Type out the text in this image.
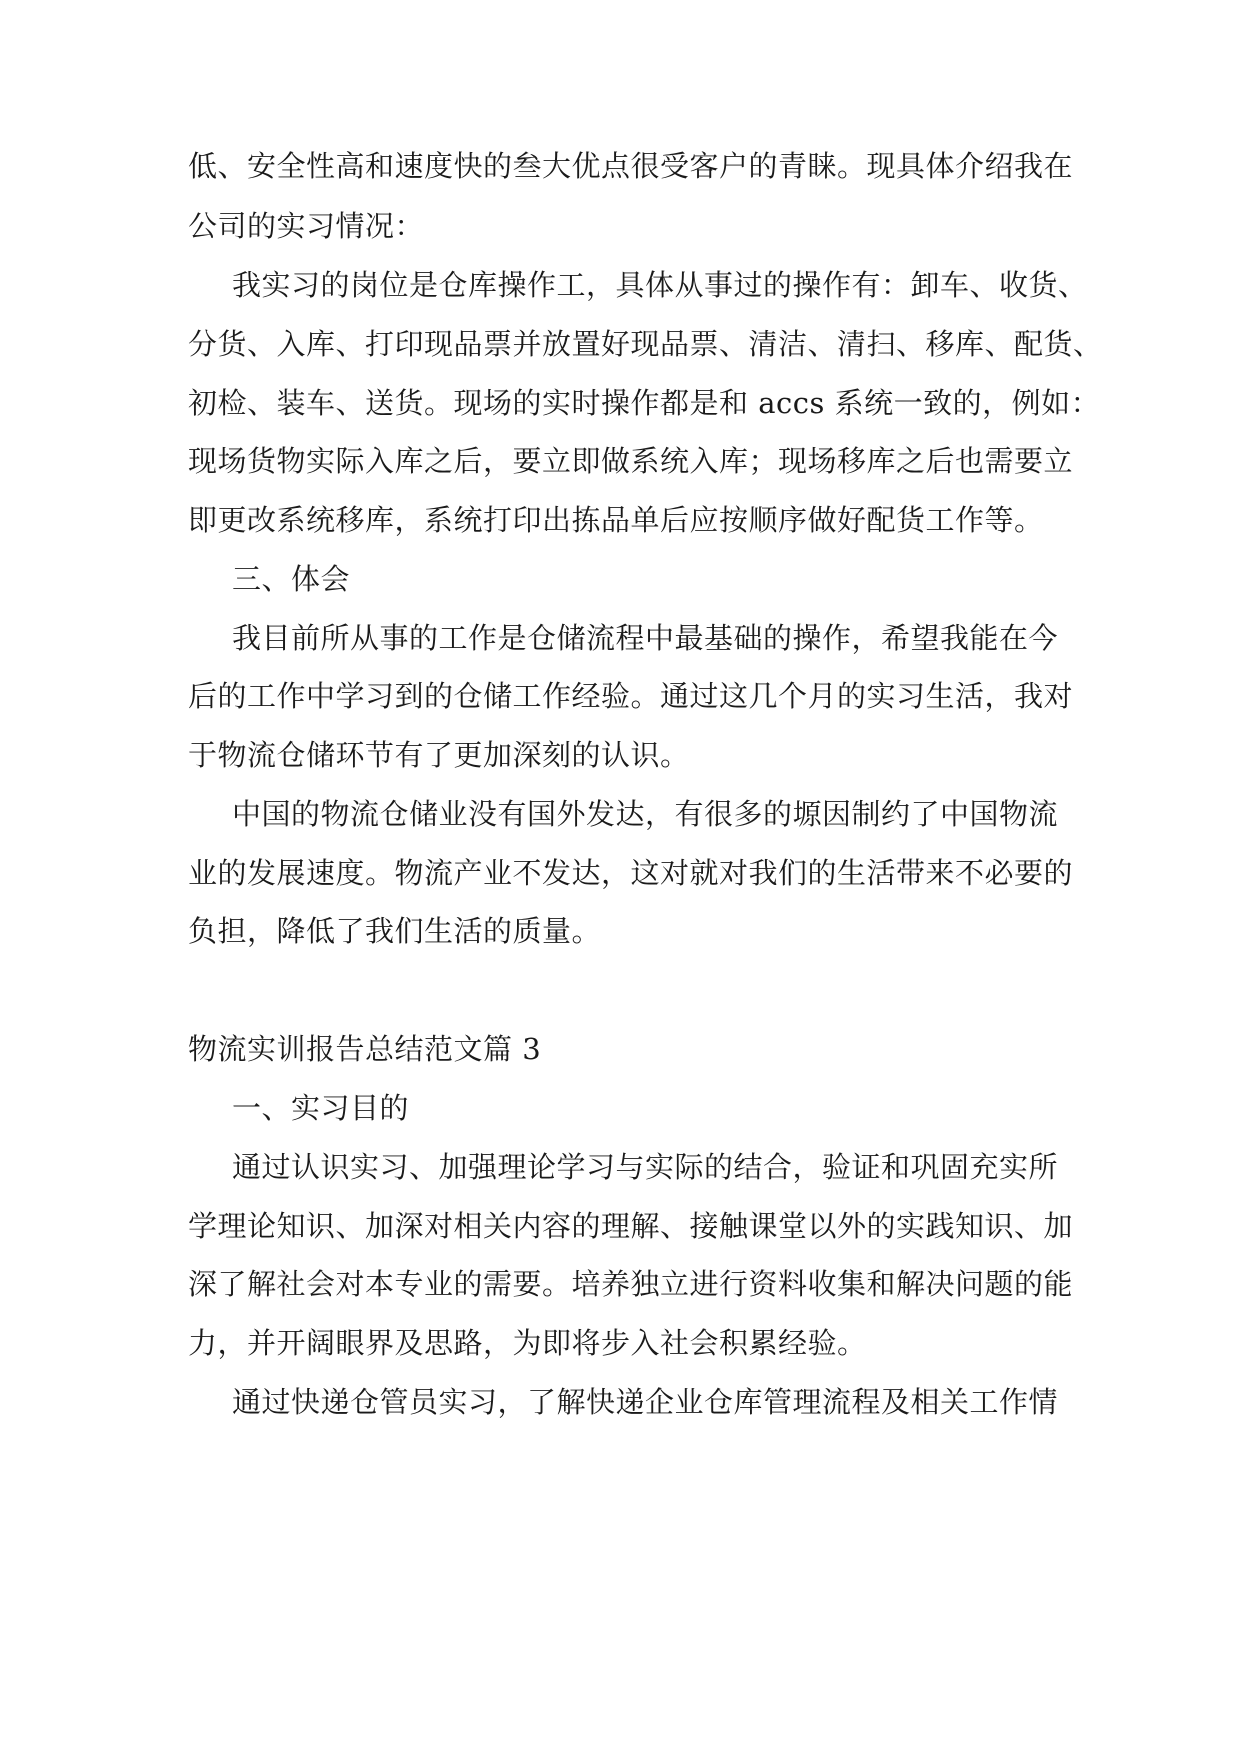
低、安全性高和速度快的叁大优点很受客户的青睐。现具体介绍我在
公司的实习情况：
我实习的岗位是仓库操作工，具体从事过的操作有：卸车、收货、
分货、入库、打印现品票并放置好现品票、清洁、清扫、移库、配货、
初检、装车、送货。现场的实时操作都是和 accs 系统一致的，例如：
现场货物实际入库之后，要立即做系统入库；现场移库之后也需要立
即更改系统移库，系统打印出拣品单后应按顺序做好配货工作等。
三、体会
我目前所从事的工作是仓储流程中最基础的操作，希望我能在今
后的工作中学习到的仓储工作经验。通过这几个月的实习生活，我对
于物流仓储环节有了更加深刻的认识。
中国的物流仓储业没有国外发达，有很多的塬因制约了中国物流
业的发展速度。物流产业不发达，这对就对我们的生活带来不必要的
负担，降低了我们生活的质量。
物流实训报告总结范文篇 3
一、实习目的
通过认识实习、加强理论学习与实际的结合，验证和巩固充实所
学理论知识、加深对相关内容的理解、接触课堂以外的实践知识、加
深了解社会对本专业的需要。培养独立进行资料收集和解决问题的能
力，并开阔眼界及思路，为即将步入社会积累经验。
通过快递仓管员实习，了解快递企业仓库管理流程及相关工作情
